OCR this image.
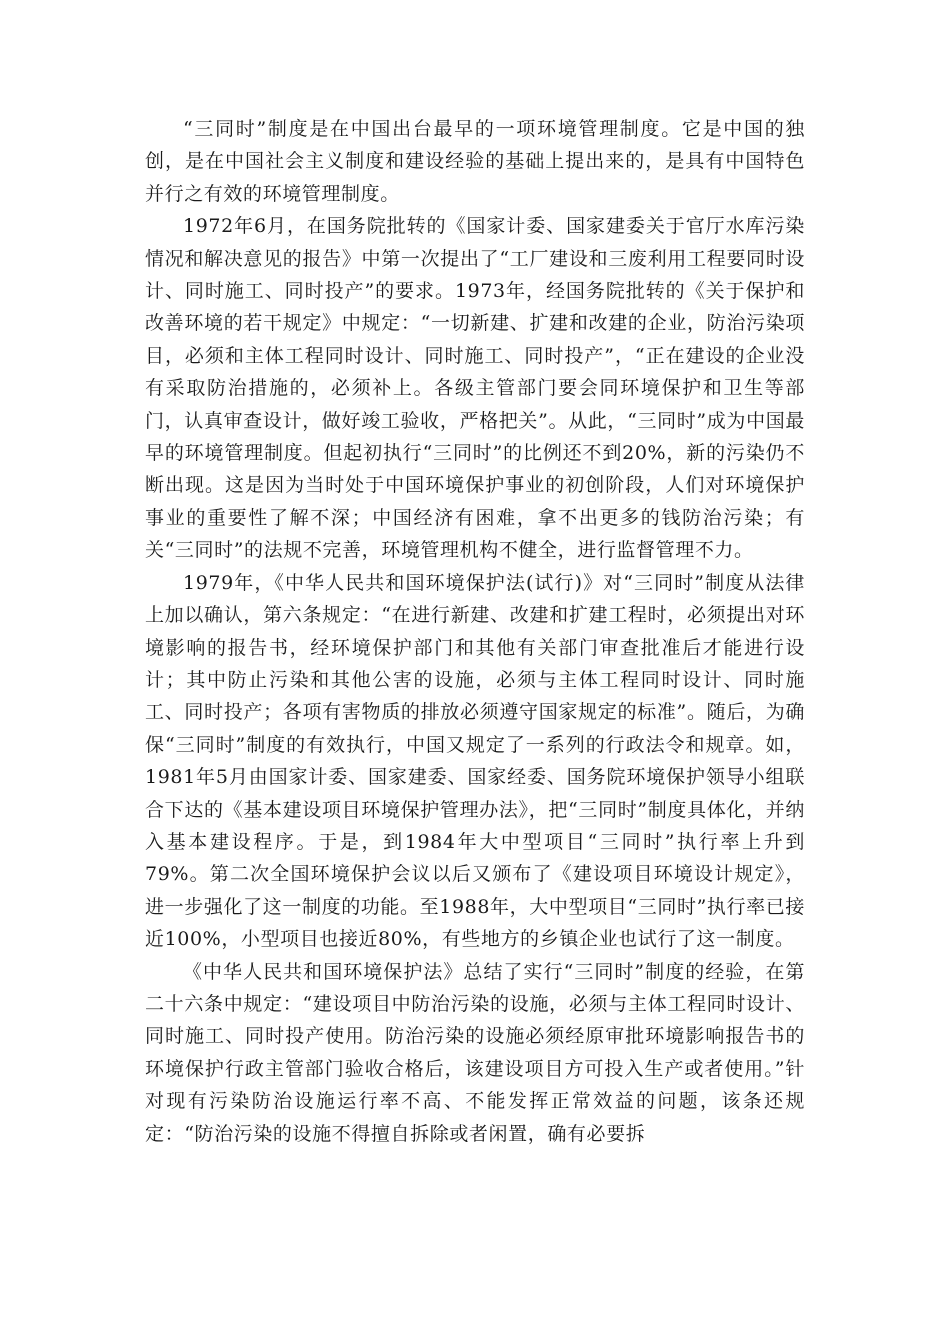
“三同时”制度是在中国出台最早的一项环境管理制度。它是中国的独创，是在中国社会主义制度和建设经验的基础上提出来的，是具有中国特色并行之有效的环境管理制度。

1972年6月，在国务院批转的《国家计委、国家建委关于官厅水库污染情况和解决意见的报告》中第一次提出了“工厂建设和三废利用工程要同时设计、同时施工、同时投产”的要求。1973年，经国务院批转的《关于保护和改善环境的若干规定》中规定：“一切新建、扩建和改建的企业，防治污染项目，必须和主体工程同时设计、同时施工、同时投产”，“正在建设的企业没有采取防治措施的，必须补上。各级主管部门要会同环境保护和卫生等部门，认真审查设计，做好竣工验收，严格把关”。从此，“三同时”成为中国最早的环境管理制度。但起初执行“三同时”的比例还不到20%，新的污染仍不断出现。这是因为当时处于中国环境保护事业的初创阶段，人们对环境保护事业的重要性了解不深；中国经济有困难，拿不出更多的钱防治污染；有关“三同时”的法规不完善，环境管理机构不健全，进行监督管理不力。

1979年，《中华人民共和国环境保护法(试行)》对“三同时”制度从法律上加以确认，第六条规定：“在进行新建、改建和扩建工程时，必须提出对环境影响的报告书，经环境保护部门和其他有关部门审查批准后才能进行设计；其中防止污染和其他公害的设施，必须与主体工程同时设计、同时施工、同时投产；各项有害物质的排放必须遵守国家规定的标准”。随后，为确保“三同时”制度的有效执行，中国又规定了一系列的行政法令和规章。如，1981年5月由国家计委、国家建委、国家经委、国务院环境保护领导小组联合下达的《基本建设项目环境保护管理办法》，把“三同时”制度具体化，并纳入基本建设程序。于是，到1984年大中型项目“三同时”执行率上升到79%。第二次全国环境保护会议以后又颁布了《建设项目环境设计规定》，进一步强化了这一制度的功能。至1988年，大中型项目“三同时”执行率已接近100%，小型项目也接近80%，有些地方的乡镇企业也试行了这一制度。

《中华人民共和国环境保护法》总结了实行“三同时”制度的经验，在第二十六条中规定：“建设项目中防治污染的设施，必须与主体工程同时设计、同时施工、同时投产使用。防治污染的设施必须经原审批环境影响报告书的环境保护行政主管部门验收合格后，该建设项目方可投入生产或者使用。”针对现有污染防治设施运行率不高、不能发挥正常效益的问题，该条还规定：“防治污染的设施不得擅自拆除或者闲置，确有必要拆
